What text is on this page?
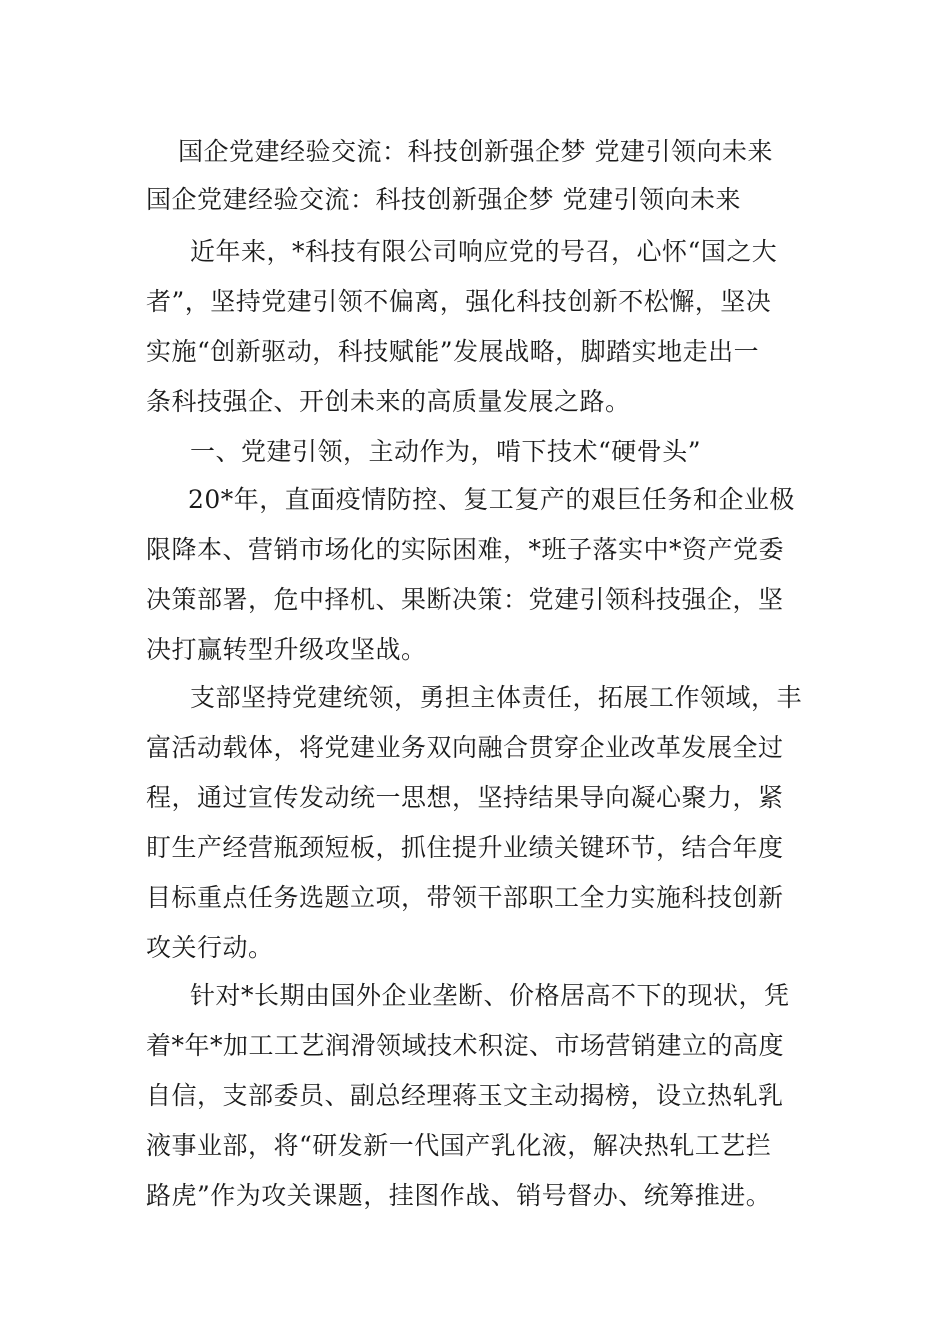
国企党建经验交流：科技创新强企梦 党建引领向未来
国企党建经验交流：科技创新强企梦 党建引领向未来
近年来，*科技有限公司响应党的号召，心怀“国之大
者”，坚持党建引领不偏离，强化科技创新不松懈，坚决
实施“创新驱动，科技赋能”发展战略，脚踏实地走出一
条科技强企、开创未来的高质量发展之路。
一、党建引领，主动作为，啃下技术“硬骨头”
20*年，直面疫情防控、复工复产的艰巨任务和企业极
限降本、营销市场化的实际困难，*班子落实中*资产党委
决策部署，危中择机、果断决策：党建引领科技强企，坚
决打赢转型升级攻坚战。
支部坚持党建统领，勇担主体责任，拓展工作领域，丰
富活动载体，将党建业务双向融合贯穿企业改革发展全过
程，通过宣传发动统一思想，坚持结果导向凝心聚力，紧
盯生产经营瓶颈短板，抓住提升业绩关键环节，结合年度
目标重点任务选题立项，带领干部职工全力实施科技创新
攻关行动。
针对*长期由国外企业垄断、价格居高不下的现状，凭
着*年*加工工艺润滑领域技术积淀、市场营销建立的高度
自信，支部委员、副总经理蒋玉文主动揭榜，设立热轧乳
液事业部，将“研发新一代国产乳化液，解决热轧工艺拦
路虎”作为攻关课题，挂图作战、销号督办、统筹推进。
